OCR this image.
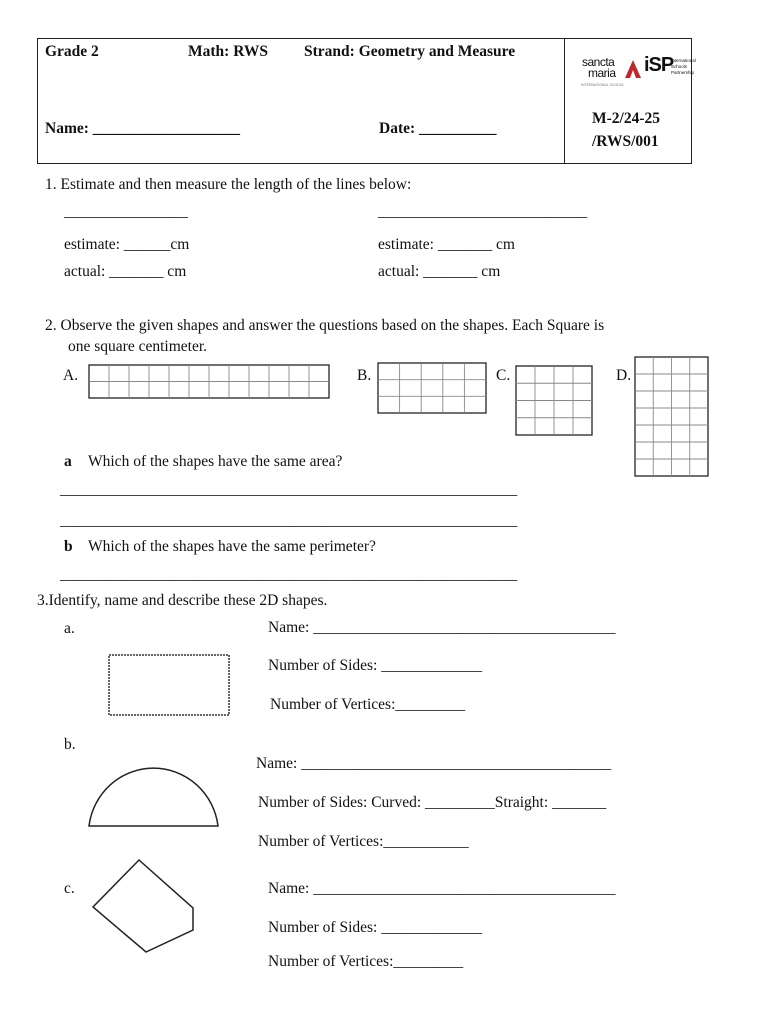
Grade 2	Math: RWS Strand: Geometry and Measure
Name: ___________________	Date: __________
M-2/24-25
/RWS/001
sancta
maria
INTERNATIONAL SCHOOL
iSP
International
Schools
Partnership
1. Estimate and then measure the length of the lines below:
________________	___________________________
estimate: ______cm
actual: _______ cm
estimate: _______ cm
actual: _______ cm
2. Observe the given shapes and answer the questions based on the shapes. Each Square is
one square centimeter.
A.	B.	C.	D.
a Which of the shapes have the same area?
___________________________________________________________
___________________________________________________________
b Which of the shapes have the same perimeter?
___________________________________________________________
3.Identify, name and describe these 2D shapes.
a.	Name: _______________________________________
Number of Sides: _____________
Number of Vertices:_________
b.
Name: ________________________________________
Number of Sides: Curved: _________Straight: _______
Number of Vertices:___________
c.	Name: _______________________________________
Number of Sides: _____________
Number of Vertices:_________
